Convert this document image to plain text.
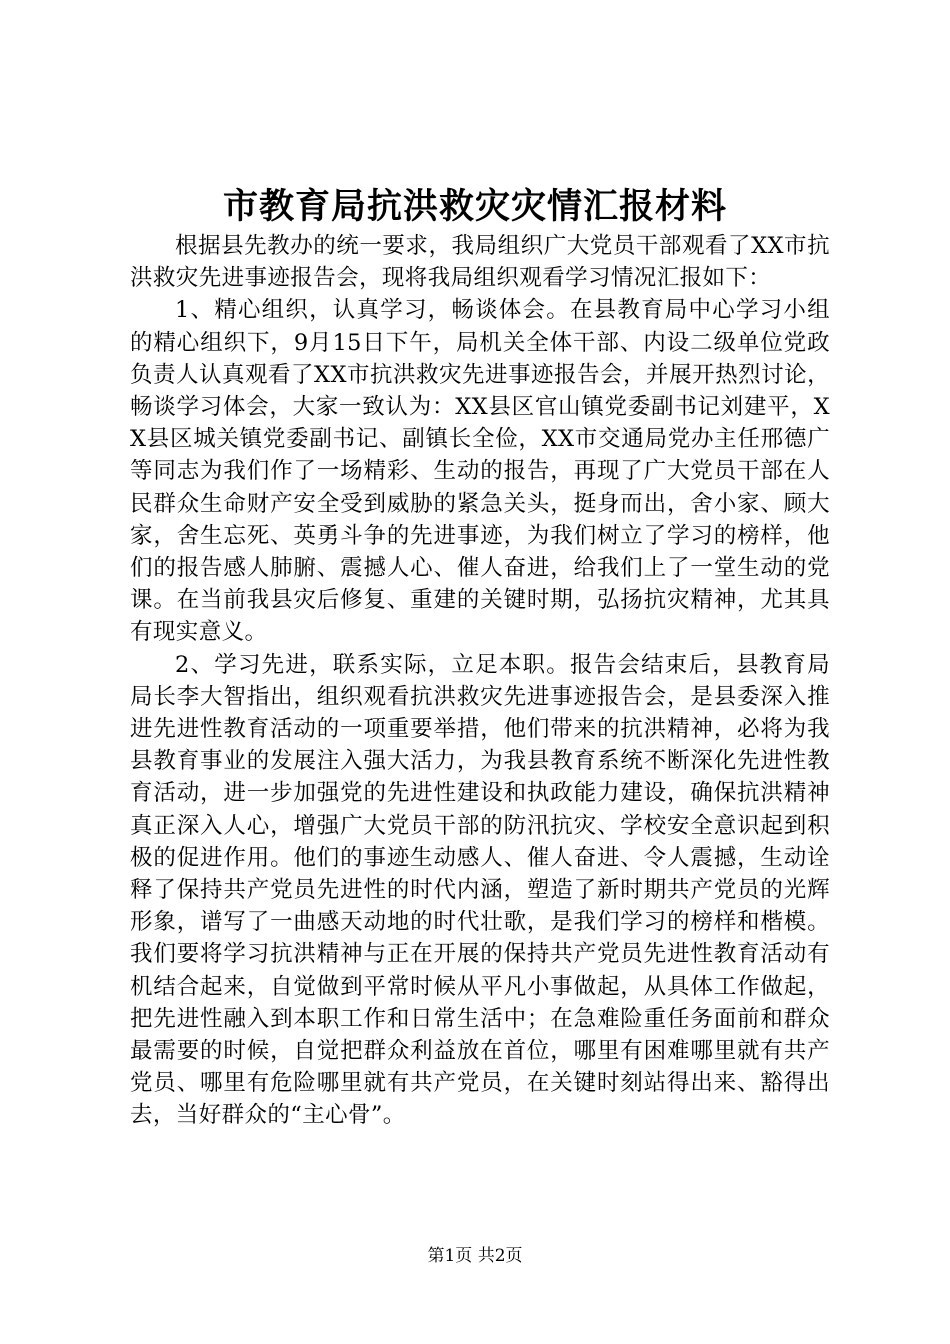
市教育局抗洪救灾灾情汇报材料

根据县先教办的统一要求，我局组织广大党员干部观看了XX市抗洪救灾先进事迹报告会，现将我局组织观看学习情况汇报如下：

1、精心组织，认真学习，畅谈体会。在县教育局中心学习小组的精心组织下，9月15日下午，局机关全体干部、内设二级单位党政负责人认真观看了XX市抗洪救灾先进事迹报告会，并展开热烈讨论，畅谈学习体会，大家一致认为：XX县区官山镇党委副书记刘建平，XX县区城关镇党委副书记、副镇长全俭，XX市交通局党办主任邢德广等同志为我们作了一场精彩、生动的报告，再现了广大党员干部在人民群众生命财产安全受到威胁的紧急关头，挺身而出，舍小家、顾大家，舍生忘死、英勇斗争的先进事迹，为我们树立了学习的榜样，他们的报告感人肺腑、震撼人心、催人奋进，给我们上了一堂生动的党课。在当前我县灾后修复、重建的关键时期，弘扬抗灾精神，尤其具有现实意义。

2、学习先进，联系实际，立足本职。报告会结束后，县教育局局长李大智指出，组织观看抗洪救灾先进事迹报告会，是县委深入推进先进性教育活动的一项重要举措，他们带来的抗洪精神，必将为我县教育事业的发展注入强大活力，为我县教育系统不断深化先进性教育活动，进一步加强党的先进性建设和执政能力建设，确保抗洪精神真正深入人心，增强广大党员干部的防汛抗灾、学校安全意识起到积极的促进作用。他们的事迹生动感人、催人奋进、令人震撼，生动诠释了保持共产党员先进性的时代内涵，塑造了新时期共产党员的光辉形象，谱写了一曲感天动地的时代壮歌，是我们学习的榜样和楷模。我们要将学习抗洪精神与正在开展的保持共产党员先进性教育活动有机结合起来，自觉做到平常时候从平凡小事做起，从具体工作做起，把先进性融入到本职工作和日常生活中；在急难险重任务面前和群众最需要的时候，自觉把群众利益放在首位，哪里有困难哪里就有共产党员、哪里有危险哪里就有共产党员，在关键时刻站得出来、豁得出去，当好群众的“主心骨”。

第1页 共2页
